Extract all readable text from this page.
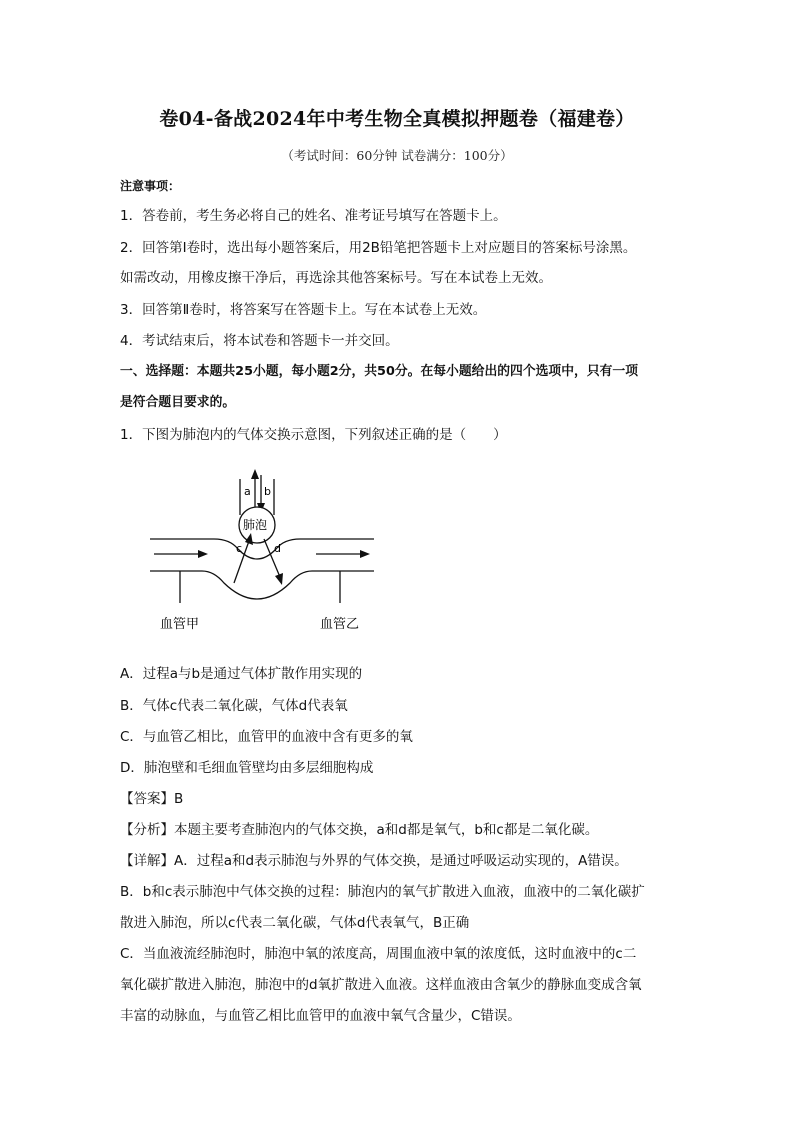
卷04-备战2024年中考生物全真模拟押题卷（福建卷）
（考试时间：60分钟 试卷满分：100分）
注意事项：
1．答卷前，考生务必将自己的姓名、准考证号填写在答题卡上。
2．回答第Ⅰ卷时，选出每小题答案后，用2B铅笔把答题卡上对应题目的答案标号涂黑。
如需改动，用橡皮擦干净后，再选涂其他答案标号。写在本试卷上无效。
3．回答第Ⅱ卷时，将答案写在答题卡上。写在本试卷上无效。
4．考试结束后，将本试卷和答题卡一并交回。
一、选择题：本题共25小题，每小题2分，共50分。在每小题给出的四个选项中，只有一项
是符合题目要求的。
1．下图为肺泡内的气体交换示意图，下列叙述正确的是（　　）
a b
肺泡
c	d
血管甲	血管乙
A．过程a与b是通过气体扩散作用实现的
B．气体c代表二氧化碳，气体d代表氧
C．与血管乙相比，血管甲的血液中含有更多的氧
D．肺泡壁和毛细血管壁均由多层细胞构成
【答案】B
【分析】本题主要考查肺泡内的气体交换，a和d都是氧气，b和c都是二氧化碳。
【详解】A．过程a和d表示肺泡与外界的气体交换，是通过呼吸运动实现的，A错误。
B．b和c表示肺泡中气体交换的过程：肺泡内的氧气扩散进入血液，血液中的二氧化碳扩
散进入肺泡，所以c代表二氧化碳，气体d代表氧气，B正确
C．当血液流经肺泡时，肺泡中氧的浓度高，周围血液中氧的浓度低，这时血液中的c二
氧化碳扩散进入肺泡，肺泡中的d氧扩散进入血液。这样血液由含氧少的静脉血变成含氧
丰富的动脉血，与血管乙相比血管甲的血液中氧气含量少，C错误。
